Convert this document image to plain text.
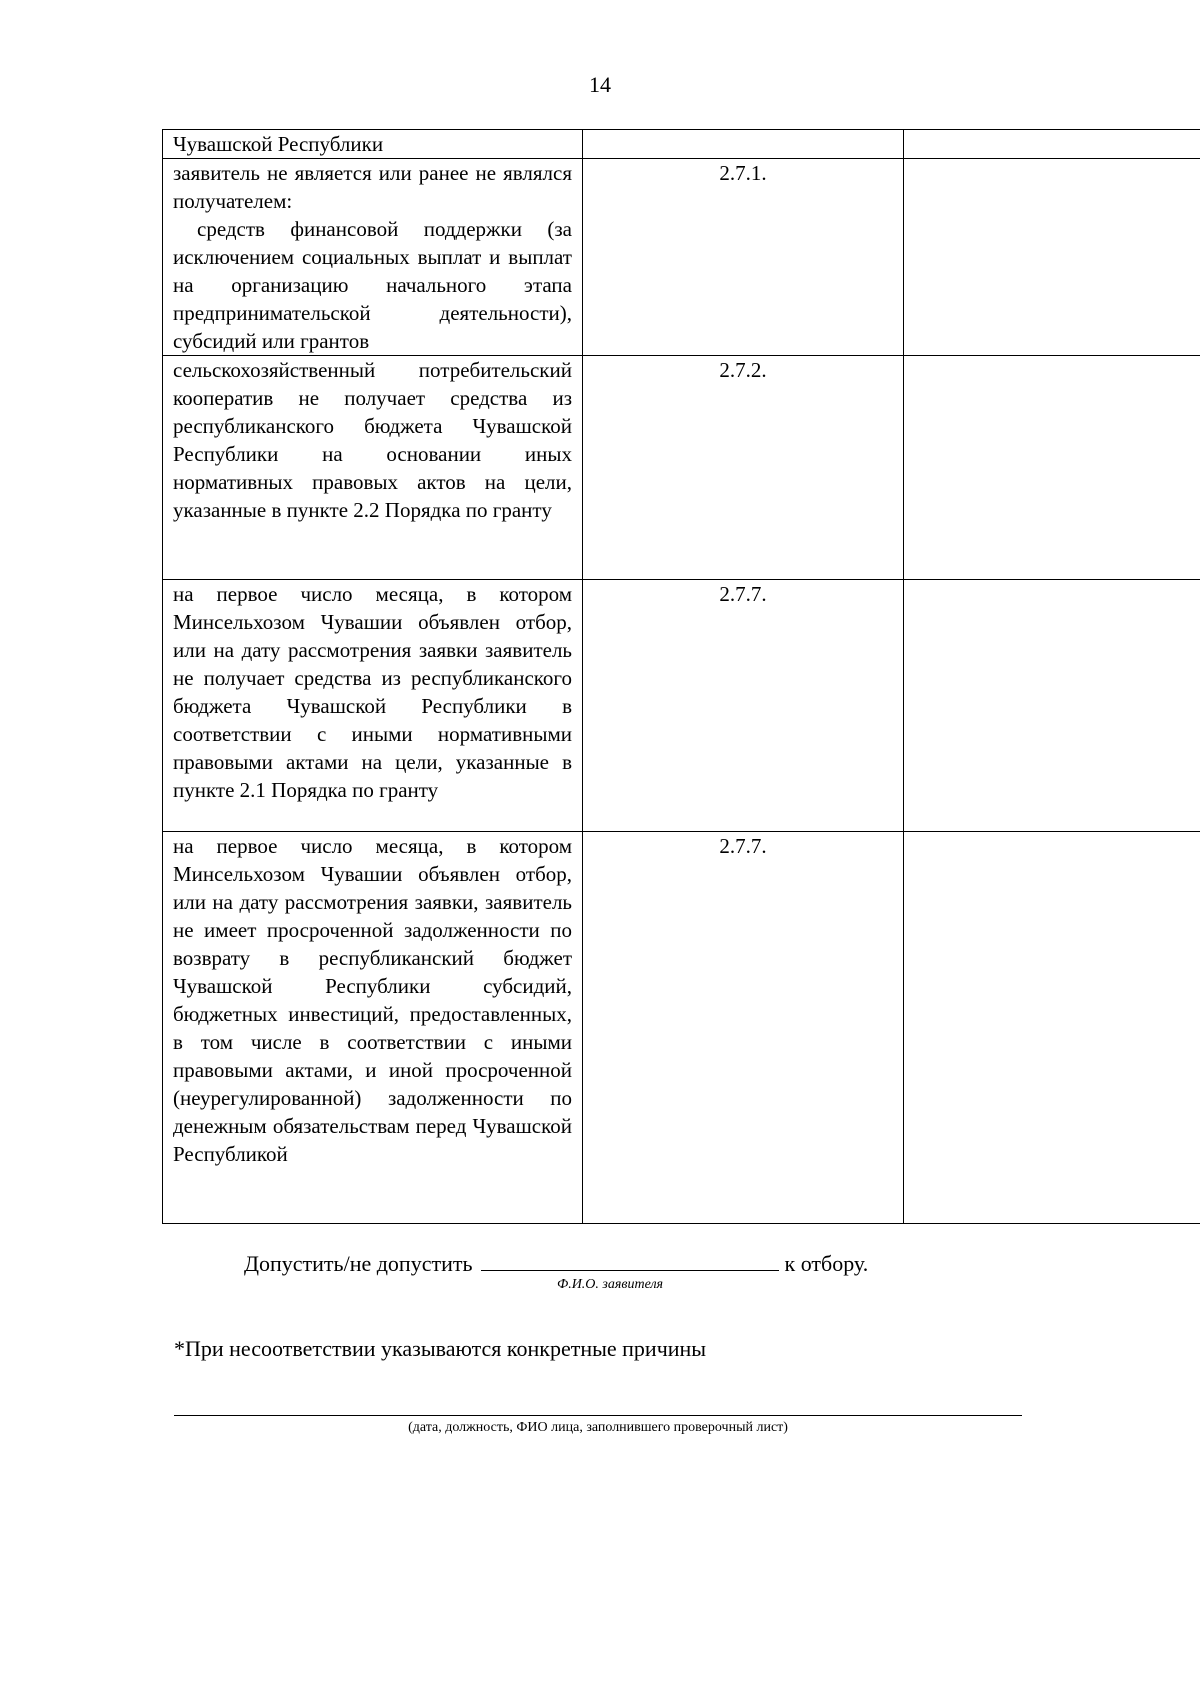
14
Чувашской Республики		

заявитель не является или ранее не являлся получателем:
средств финансовой поддержки (за исключением социальных выплат и выплат на организацию начального этапа предпринимательской деятельности), субсидий или грантов	2.7.1.	

сельскохозяйственный потребительский кооператив не получает средства из республиканского бюджета Чувашской Республики на основании иных нормативных правовых актов на цели, указанные в пункте 2.2 Порядка по гранту	2.7.2.	

на первое число месяца, в котором Минсельхозом Чувашии объявлен отбор, или на дату рассмотрения заявки заявитель не получает средства из республиканского бюджета Чувашской Республики в соответствии с иными нормативными правовыми актами на цели, указанные в пункте 2.1 Порядка по гранту	2.7.7.	

на первое число месяца, в котором Минсельхозом Чувашии объявлен отбор, или на дату рассмотрения заявки, заявитель не имеет просроченной задолженности по возврату в республиканский бюджет Чувашской Республики субсидий, бюджетных инвестиций, предоставленных, в том числе в соответствии с иными правовыми актами, и иной просроченной (неурегулированной) задолженности по денежным обязательствам перед Чувашской Республикой	2.7.7.	
Допустить/не допустить	к отбору.
Ф.И.О. заявителя
*При несоответствии указываются конкретные причины
(дата, должность, ФИО лица, заполнившего проверочный лист)
